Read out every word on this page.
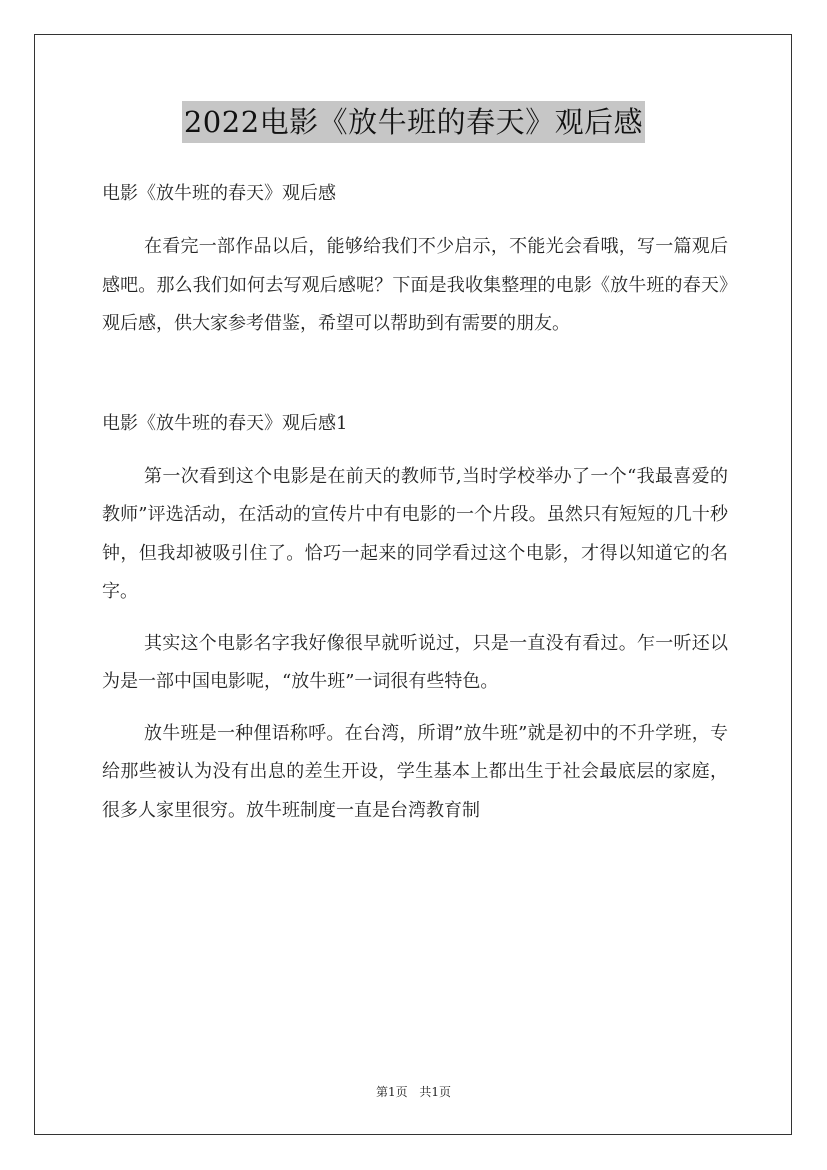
2022电影《放牛班的春天》观后感

电影《放牛班的春天》观后感

在看完一部作品以后，能够给我们不少启示，不能光会看哦，写一篇观后感吧。那么我们如何去写观后感呢？下面是我收集整理的电影《放牛班的春天》观后感，供大家参考借鉴，希望可以帮助到有需要的朋友。

电影《放牛班的春天》观后感1

第一次看到这个电影是在前天的教师节,当时学校举办了一个“我最喜爱的教师”评选活动，在活动的宣传片中有电影的一个片段。虽然只有短短的几十秒钟，但我却被吸引住了。恰巧一起来的同学看过这个电影，才得以知道它的名字。

其实这个电影名字我好像很早就听说过，只是一直没有看过。乍一听还以为是一部中国电影呢，“放牛班”一词很有些特色。

放牛班是一种俚语称呼。在台湾，所谓”放牛班”就是初中的不升学班，专给那些被认为没有出息的差生开设，学生基本上都出生于社会最底层的家庭，很多人家里很穷。放牛班制度一直是台湾教育制

第1页 共1页
